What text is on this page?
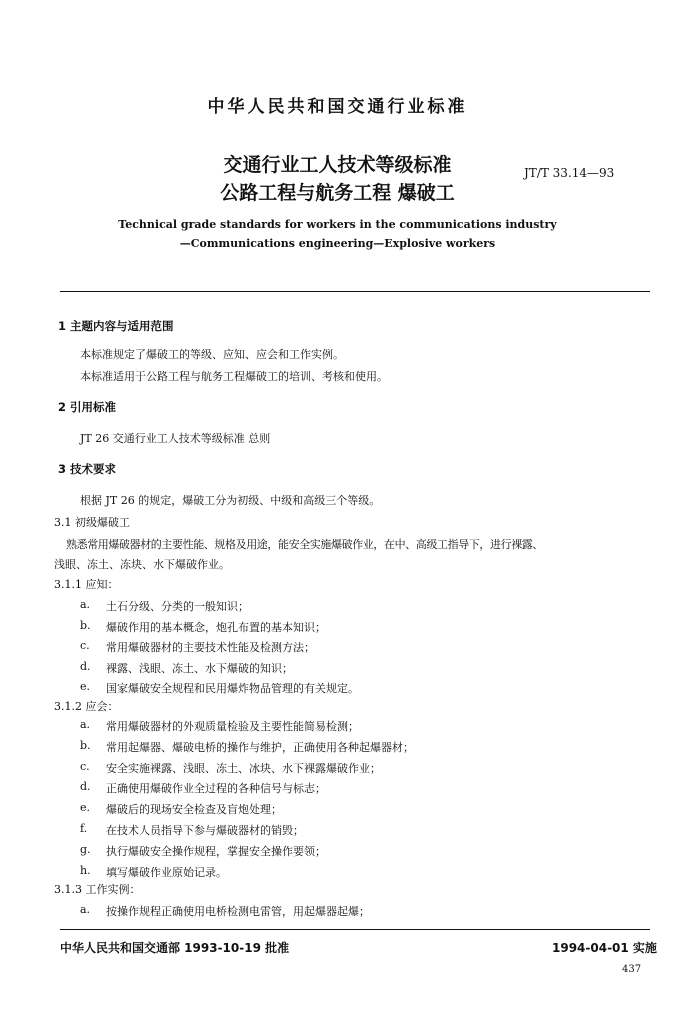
中华人民共和国交通行业标准
交通行业工人技术等级标准
公路工程与航务工程 爆破工
JT/T 33.14—93
Technical grade standards for workers in the communications industry
—Communications engineering—Explosive workers
1 主题内容与适用范围
本标准规定了爆破工的等级、应知、应会和工作实例。
本标准适用于公路工程与航务工程爆破工的培训、考核和使用。
2 引用标准
JT 26 交通行业工人技术等级标准 总则
3 技术要求
根据 JT 26 的规定，爆破工分为初级、中级和高级三个等级。
3.1 初级爆破工
熟悉常用爆破器材的主要性能、规格及用途，能安全实施爆破作业，在中、高级工指导下，进行裸露、
浅眼、冻土、冻块、水下爆破作业。
3.1.1 应知：
a. 土石分级、分类的一般知识；
b. 爆破作用的基本概念，炮孔布置的基本知识；
c. 常用爆破器材的主要技术性能及检测方法；
d. 裸露、浅眼、冻土、水下爆破的知识；
e. 国家爆破安全规程和民用爆炸物品管理的有关规定。
3.1.2 应会：
a. 常用爆破器材的外观质量检验及主要性能简易检测；
b. 常用起爆器、爆破电桥的操作与维护，正确使用各种起爆器材；
c. 安全实施裸露、浅眼、冻土、冰块、水下裸露爆破作业；
d. 正确使用爆破作业全过程的各种信号与标志；
e. 爆破后的现场安全检查及盲炮处理；
f. 在技术人员指导下参与爆破器材的销毁；
g. 执行爆破安全操作规程，掌握安全操作要领；
h. 填写爆破作业原始记录。
3.1.3 工作实例：
a. 按操作规程正确使用电桥检测电雷管，用起爆器起爆；
中华人民共和国交通部 1993-10-19 批准	1994-04-01 实施
437
